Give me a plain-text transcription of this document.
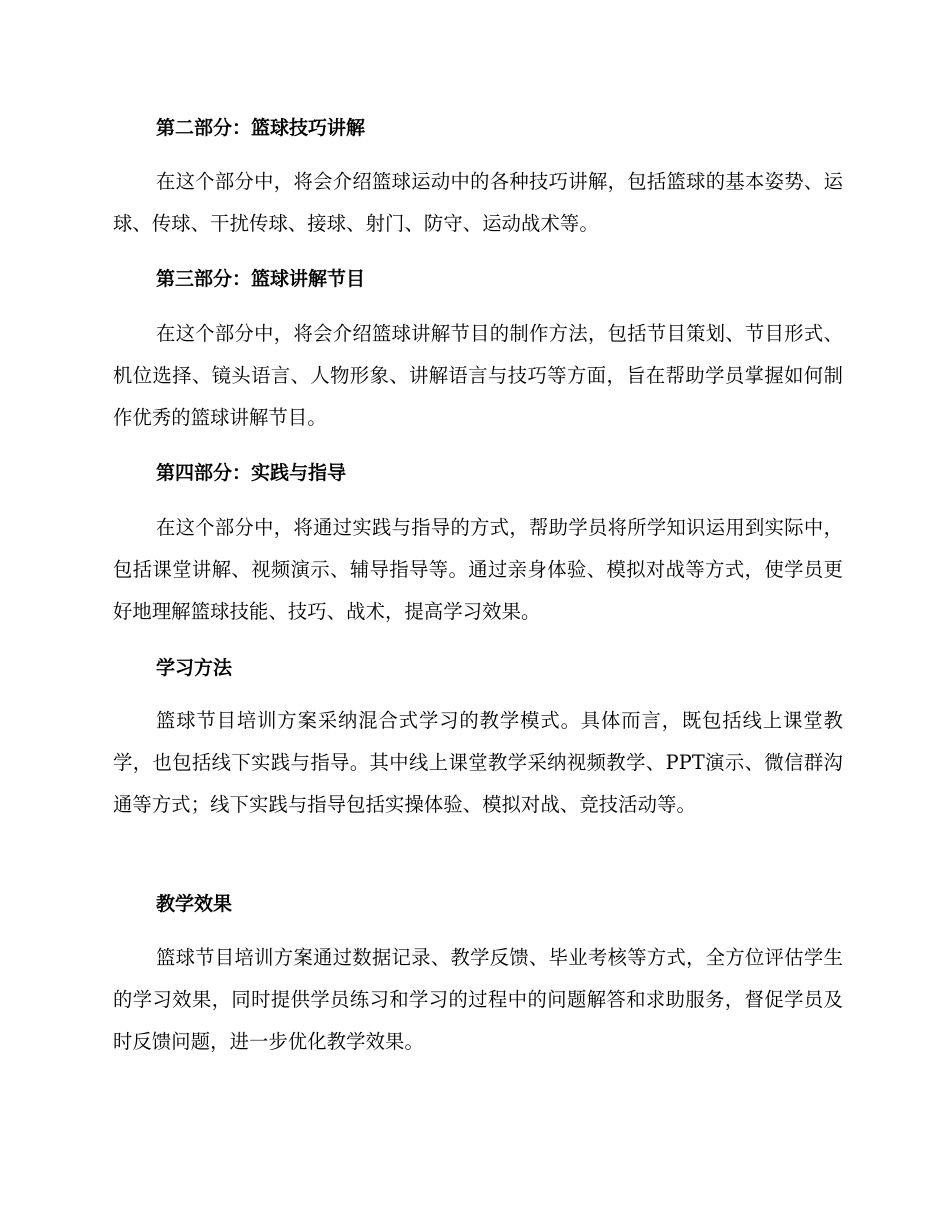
第二部分：篮球技巧讲解
在这个部分中，将会介绍篮球运动中的各种技巧讲解，包括篮球的基本姿势、运球、传球、干扰传球、接球、射门、防守、运动战术等。
第三部分：篮球讲解节目
在这个部分中，将会介绍篮球讲解节目的制作方法，包括节目策划、节目形式、机位选择、镜头语言、人物形象、讲解语言与技巧等方面，旨在帮助学员掌握如何制作优秀的篮球讲解节目。
第四部分：实践与指导
在这个部分中，将通过实践与指导的方式，帮助学员将所学知识运用到实际中，包括课堂讲解、视频演示、辅导指导等。通过亲身体验、模拟对战等方式，使学员更好地理解篮球技能、技巧、战术，提高学习效果。
学习方法
篮球节目培训方案采纳混合式学习的教学模式。具体而言，既包括线上课堂教学，也包括线下实践与指导。其中线上课堂教学采纳视频教学、PPT演示、微信群沟通等方式；线下实践与指导包括实操体验、模拟对战、竞技活动等。
教学效果
篮球节目培训方案通过数据记录、教学反馈、毕业考核等方式，全方位评估学生的学习效果，同时提供学员练习和学习的过程中的问题解答和求助服务，督促学员及时反馈问题，进一步优化教学效果。
